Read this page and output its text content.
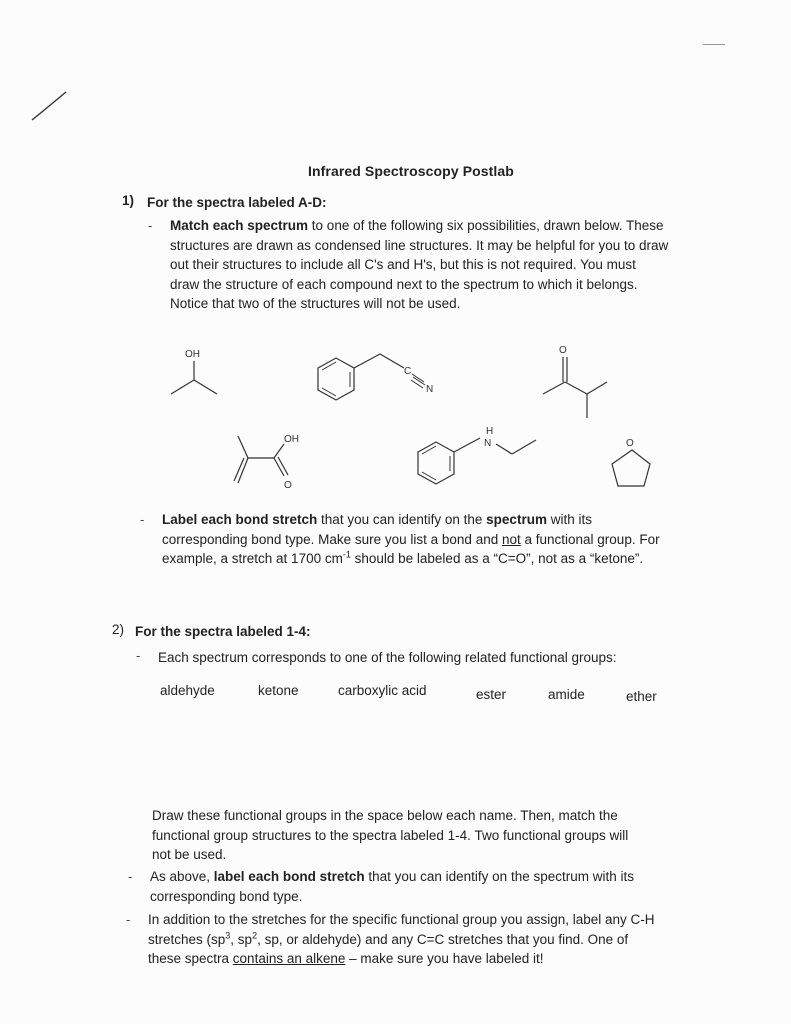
Infrared Spectroscopy Postlab
1) For the spectra labeled A-D:
- Match each spectrum to one of the following six possibilities, drawn below. These
structures are drawn as condensed line structures. It may be helpful for you to draw
out their structures to include all C's and H's, but this is not required. You must
draw the structure of each compound next to the spectrum to which it belongs.
Notice that two of the structures will not be used.
OH
C
N
O
OH
O
H
N	O
- Label each bond stretch that you can identify on the spectrum with its
corresponding bond type. Make sure you list a bond and not a functional group. For
example, a stretch at 1700 $cm^{-1}$ should be labeled as a “C=O”, not as a “ketone”.
2) For the spectra labeled 1-4:
- Each spectrum corresponds to one of the following related functional groups:
aldehyde	ketone	carboxylic acid	ester	amide	ether
Draw these functional groups in the space below each name. Then, match the
functional group structures to the spectra labeled 1-4. Two functional groups will
not be used.
- As above, label each bond stretch that you can identify on the spectrum with its
corresponding bond type.
- In addition to the stretches for the specific functional group you assign, label any C-H
stretches ($sp^3$, $sp^2$, sp, or aldehyde) and any C=C stretches that you find. One of
these spectra contains an alkene – make sure you have labeled it!
